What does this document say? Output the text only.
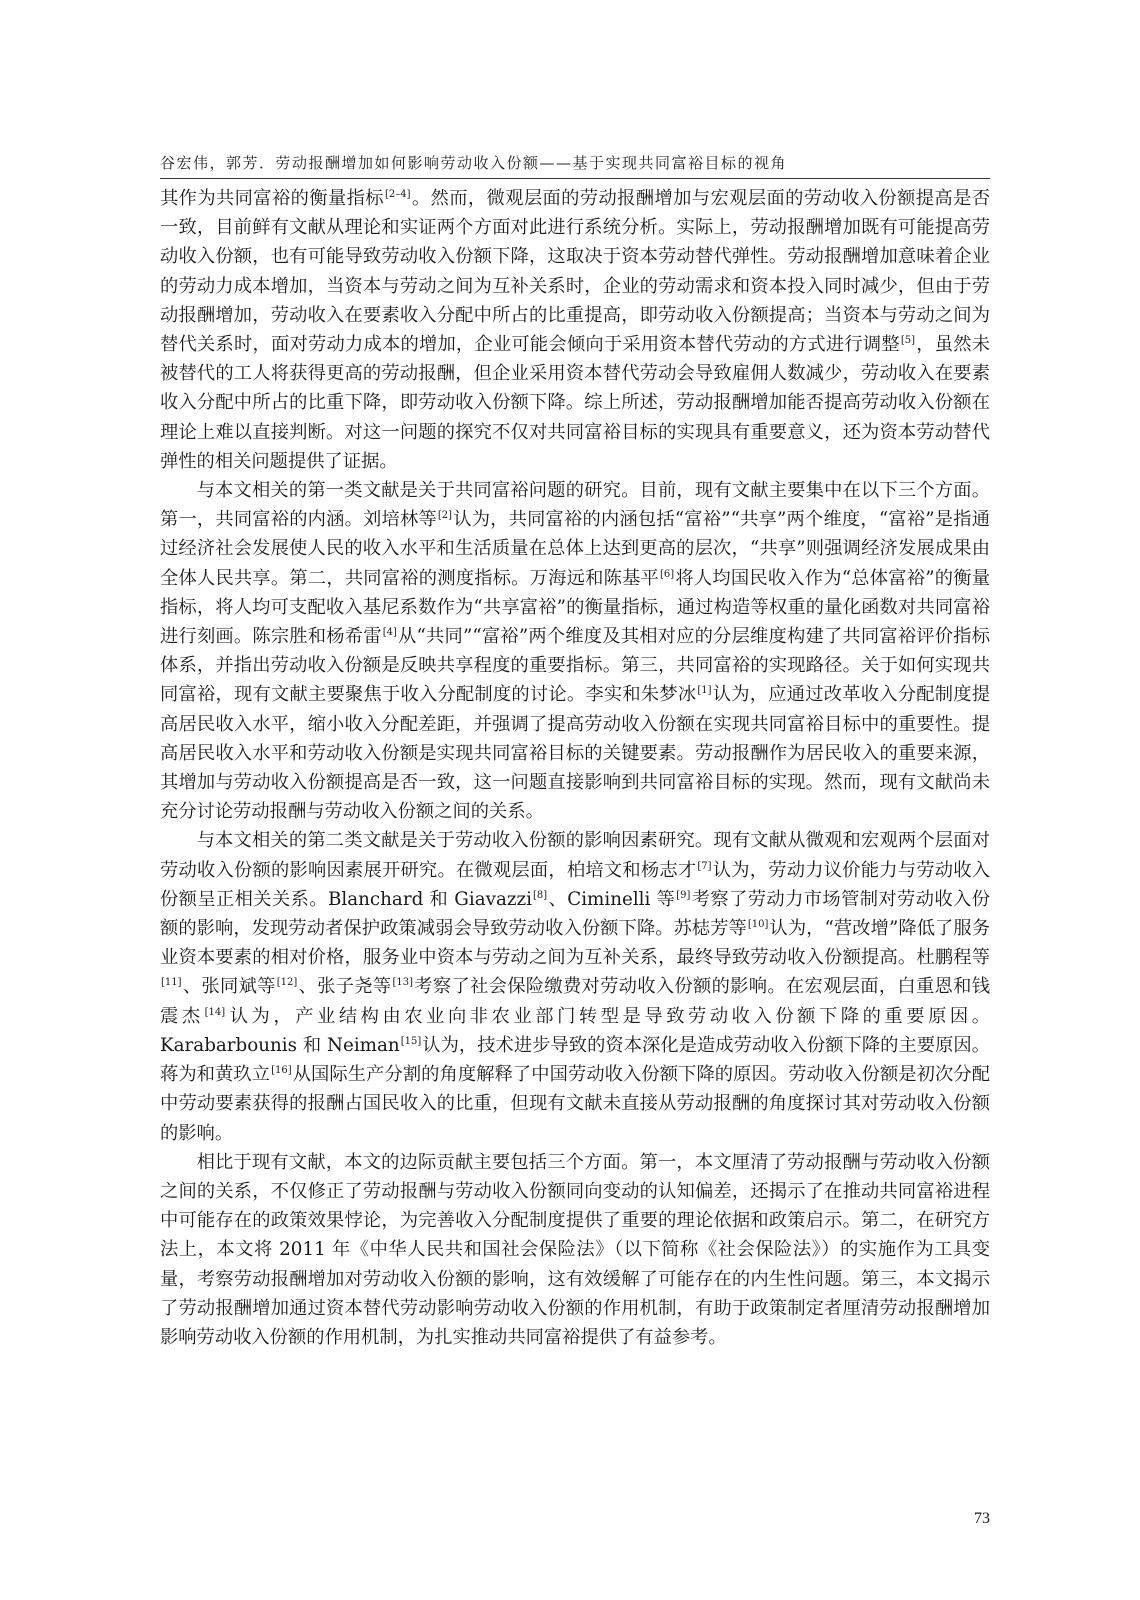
谷宏伟，郭芳．劳动报酬增加如何影响劳动收入份额——基于实现共同富裕目标的视角

其作为共同富裕的衡量指标[2–4]。然而，微观层面的劳动报酬增加与宏观层面的劳动收入份额提高是否一致，目前鲜有文献从理论和实证两个方面对此进行系统分析。实际上，劳动报酬增加既有可能提高劳动收入份额，也有可能导致劳动收入份额下降，这取决于资本劳动替代弹性。劳动报酬增加意味着企业的劳动力成本增加，当资本与劳动之间为互补关系时，企业的劳动需求和资本投入同时减少，但由于劳动报酬增加，劳动收入在要素收入分配中所占的比重提高，即劳动收入份额提高；当资本与劳动之间为替代关系时，面对劳动力成本的增加，企业可能会倾向于采用资本替代劳动的方式进行调整[5]，虽然未被替代的工人将获得更高的劳动报酬，但企业采用资本替代劳动会导致雇佣人数减少，劳动收入在要素收入分配中所占的比重下降，即劳动收入份额下降。综上所述，劳动报酬增加能否提高劳动收入份额在理论上难以直接判断。对这一问题的探究不仅对共同富裕目标的实现具有重要意义，还为资本劳动替代弹性的相关问题提供了证据。

与本文相关的第一类文献是关于共同富裕问题的研究。目前，现有文献主要集中在以下三个方面。第一，共同富裕的内涵。刘培林等[2]认为，共同富裕的内涵包括“富裕”“共享”两个维度，“富裕”是指通过经济社会发展使人民的收入水平和生活质量在总体上达到更高的层次，“共享”则强调经济发展成果由全体人民共享。第二，共同富裕的测度指标。万海远和陈基平[6]将人均国民收入作为“总体富裕”的衡量指标，将人均可支配收入基尼系数作为“共享富裕”的衡量指标，通过构造等权重的量化函数对共同富裕进行刻画。陈宗胜和杨希雷[4]从“共同”“富裕”两个维度及其相对应的分层维度构建了共同富裕评价指标体系，并指出劳动收入份额是反映共享程度的重要指标。第三，共同富裕的实现路径。关于如何实现共同富裕，现有文献主要聚焦于收入分配制度的讨论。李实和朱梦冰[1]认为，应通过改革收入分配制度提高居民收入水平，缩小收入分配差距，并强调了提高劳动收入份额在实现共同富裕目标中的重要性。提高居民收入水平和劳动收入份额是实现共同富裕目标的关键要素。劳动报酬作为居民收入的重要来源，其增加与劳动收入份额提高是否一致，这一问题直接影响到共同富裕目标的实现。然而，现有文献尚未充分讨论劳动报酬与劳动收入份额之间的关系。

与本文相关的第二类文献是关于劳动收入份额的影响因素研究。现有文献从微观和宏观两个层面对劳动收入份额的影响因素展开研究。在微观层面，柏培文和杨志才[7]认为，劳动力议价能力与劳动收入份额呈正相关关系。Blanchard 和 Giavazzi[8]、Ciminelli 等[9]考察了劳动力市场管制对劳动收入份额的影响，发现劳动者保护政策减弱会导致劳动收入份额下降。苏梽芳等[10]认为，“营改增”降低了服务业资本要素的相对价格，服务业中资本与劳动之间为互补关系，最终导致劳动收入份额提高。杜鹏程等[11]、张同斌等[12]、张子尧等[13]考察了社会保险缴费对劳动收入份额的影响。在宏观层面，白重恩和钱震杰[14]认为，产业结构由农业向非农业部门转型是导致劳动收入份额下降的重要原因。Karabarbounis 和 Neiman[15]认为，技术进步导致的资本深化是造成劳动收入份额下降的主要原因。蒋为和黄玖立[16]从国际生产分割的角度解释了中国劳动收入份额下降的原因。劳动收入份额是初次分配中劳动要素获得的报酬占国民收入的比重，但现有文献未直接从劳动报酬的角度探讨其对劳动收入份额的影响。

相比于现有文献，本文的边际贡献主要包括三个方面。第一，本文厘清了劳动报酬与劳动收入份额之间的关系，不仅修正了劳动报酬与劳动收入份额同向变动的认知偏差，还揭示了在推动共同富裕进程中可能存在的政策效果悖论，为完善收入分配制度提供了重要的理论依据和政策启示。第二，在研究方法上，本文将 2011 年《中华人民共和国社会保险法》（以下简称《社会保险法》）的实施作为工具变量，考察劳动报酬增加对劳动收入份额的影响，这有效缓解了可能存在的内生性问题。第三，本文揭示了劳动报酬增加通过资本替代劳动影响劳动收入份额的作用机制，有助于政策制定者厘清劳动报酬增加影响劳动收入份额的作用机制，为扎实推动共同富裕提供了有益参考。

73
